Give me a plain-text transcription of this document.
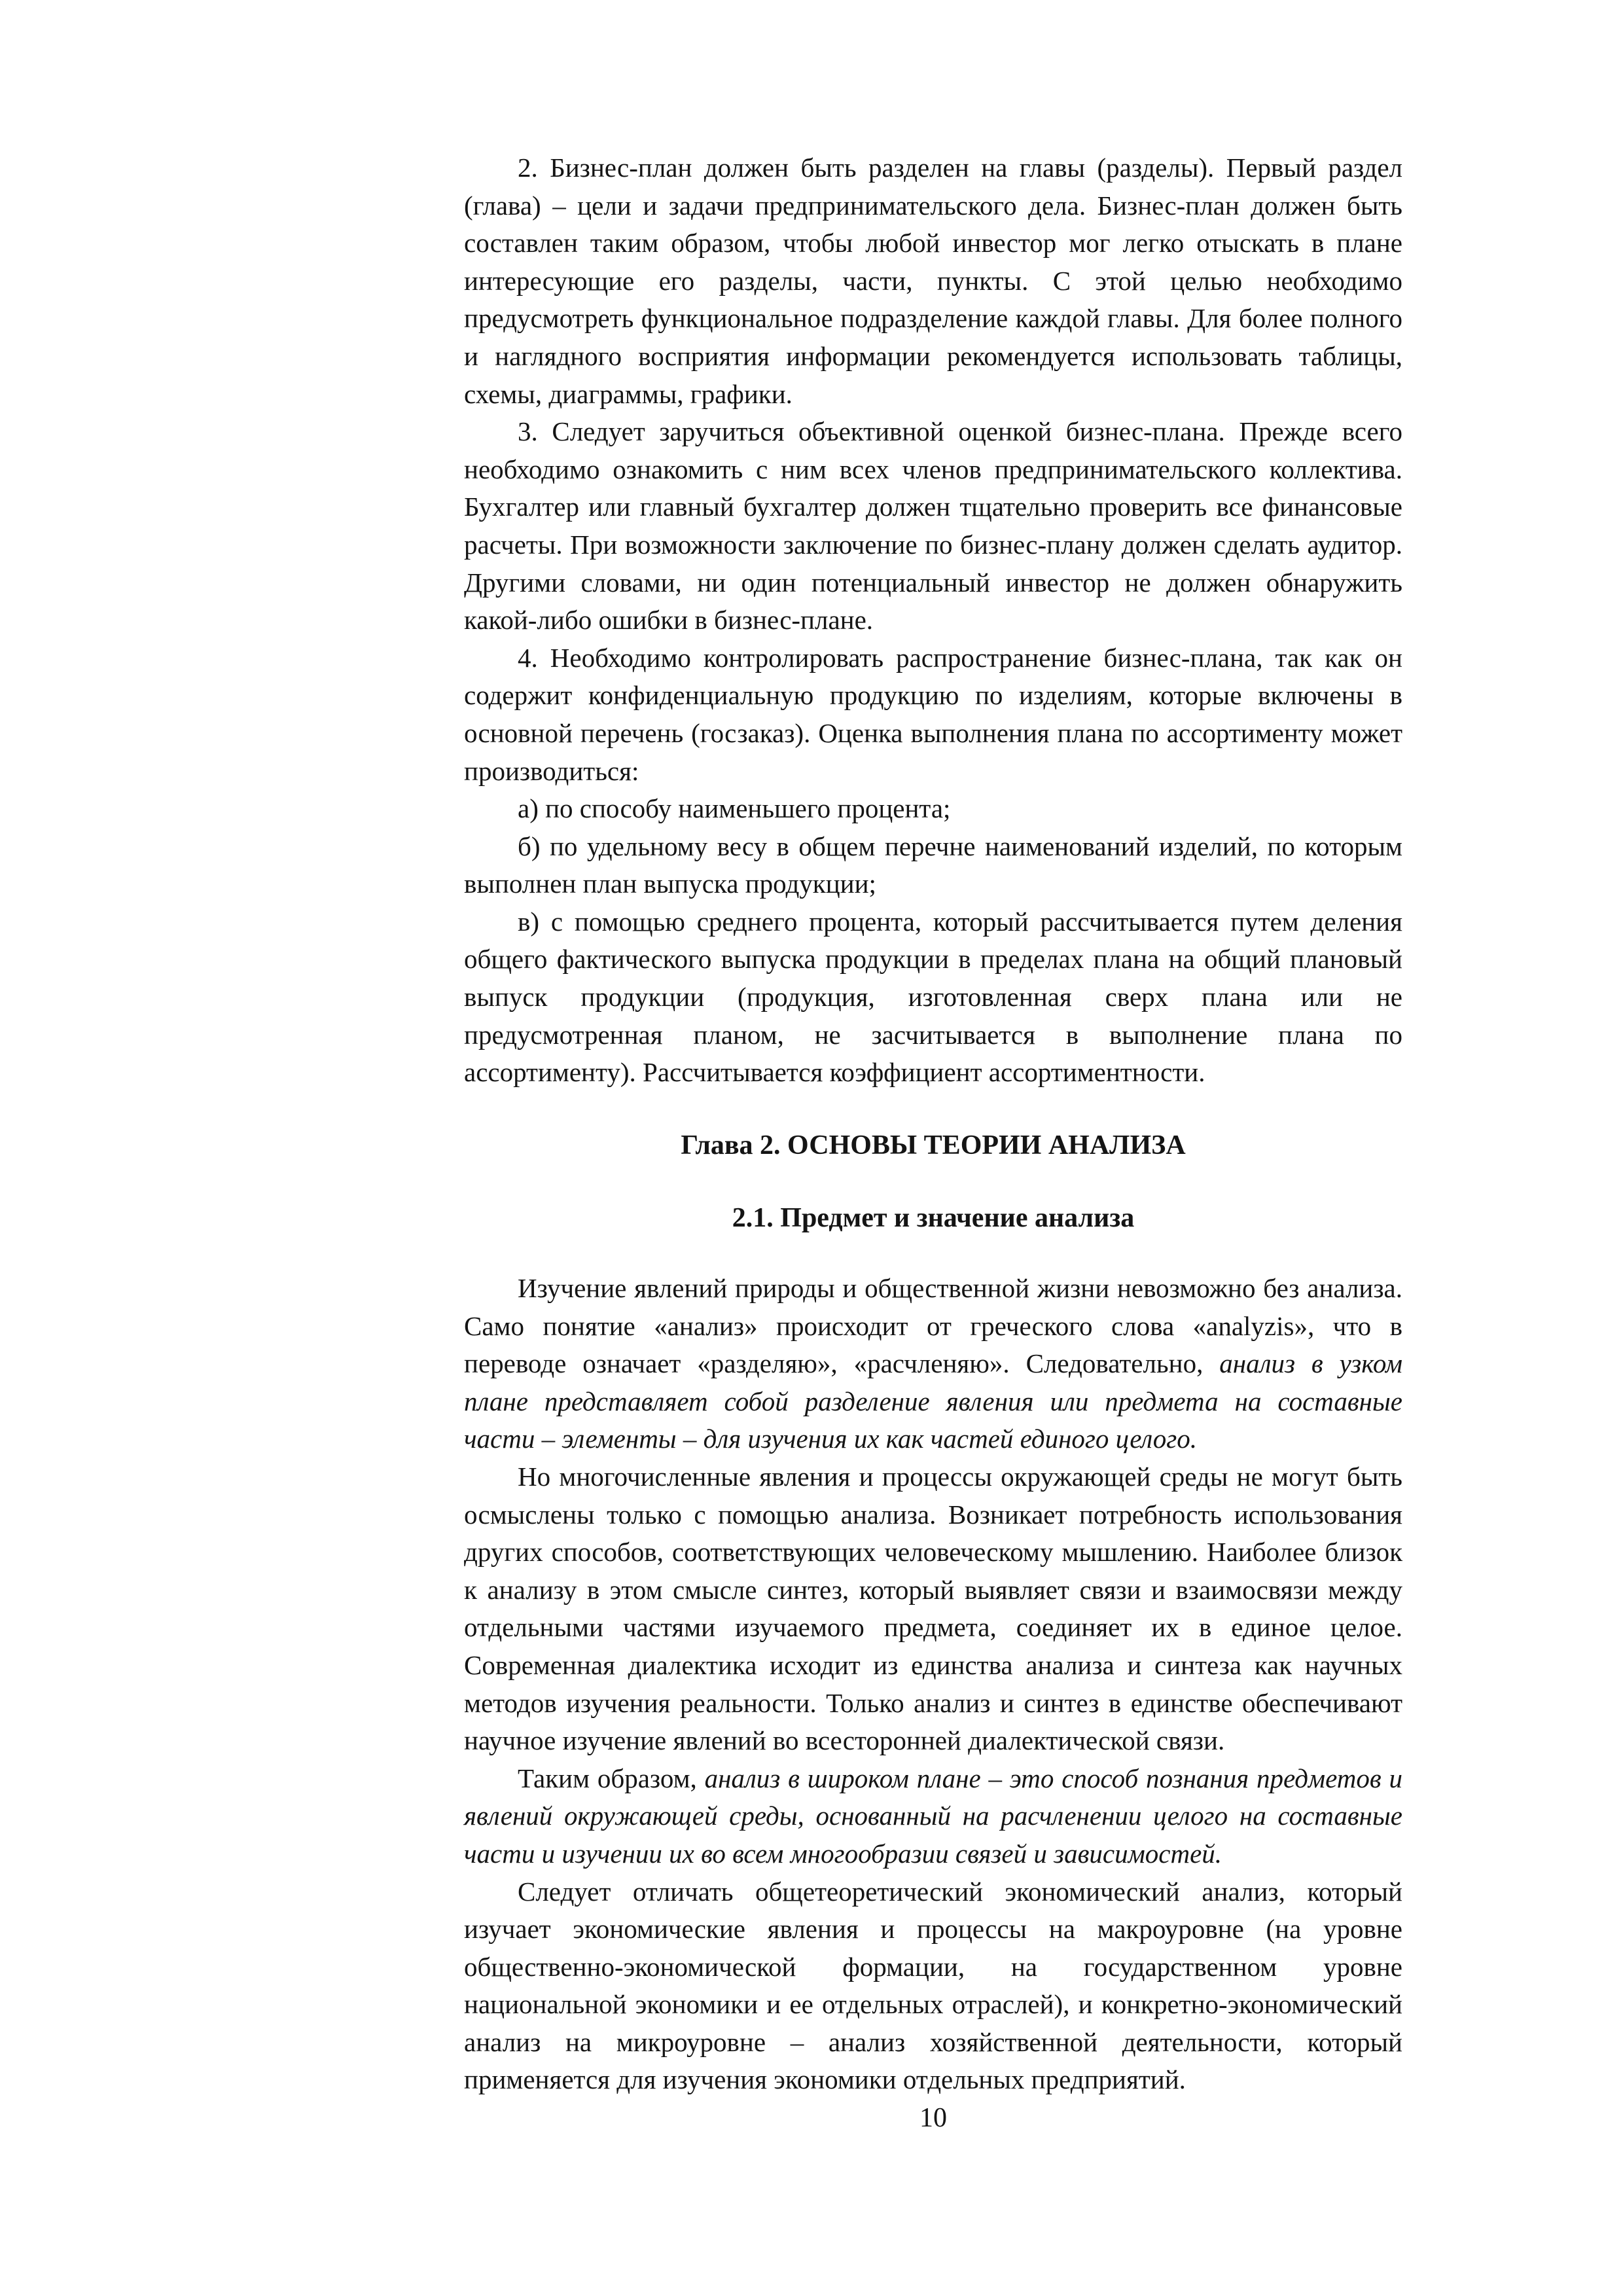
2. Бизнес-план должен быть разделен на главы (разделы). Первый раздел (глава) – цели и задачи предпринимательского дела. Бизнес-план должен быть составлен таким образом, чтобы любой инвестор мог легко отыскать в плане интересующие его разделы, части, пункты. С этой целью необходимо предусмотреть функциональное подразделение каждой главы. Для более полного и наглядного восприятия информации рекомендуется использовать таблицы, схемы, диаграммы, графики.

3. Следует заручиться объективной оценкой бизнес-плана. Прежде всего необходимо ознакомить с ним всех членов предпринимательского коллектива. Бухгалтер или главный бухгалтер должен тщательно проверить все финансовые расчеты. При возможности заключение по бизнес-плану должен сделать аудитор. Другими словами, ни один потенциальный инвестор не должен обнаружить какой-либо ошибки в бизнес-плане.

4. Необходимо контролировать распространение бизнес-плана, так как он содержит конфиденциальную продукцию по изделиям, которые включены в основной перечень (госзаказ). Оценка выполнения плана по ассортименту может производиться:

а) по способу наименьшего процента;

б) по удельному весу в общем перечне наименований изделий, по которым выполнен план выпуска продукции;

в) с помощью среднего процента, который рассчитывается путем деления общего фактического выпуска продукции в пределах плана на общий плановый выпуск продукции (продукция, изготовленная сверх плана или не предусмотренная планом, не засчитывается в выполнение плана по ассортименту). Рассчитывается коэффициент ассортиментности.

Глава 2. ОСНОВЫ ТЕОРИИ АНАЛИЗА
2.1. Предмет и значение анализа

Изучение явлений природы и общественной жизни невозможно без анализа. Само понятие «анализ» происходит от греческого слова «analyzis», что в переводе означает «разделяю», «расчленяю». Следовательно, анализ в узком плане представляет собой разделение явления или предмета на составные части – элементы – для изучения их как частей единого целого.

Но многочисленные явления и процессы окружающей среды не могут быть осмыслены только с помощью анализа. Возникает потребность использования других способов, соответствующих человеческому мышлению. Наиболее близок к анализу в этом смысле синтез, который выявляет связи и взаимосвязи между отдельными частями изучаемого предмета, соединяет их в единое целое. Современная диалектика исходит из единства анализа и синтеза как научных методов изучения реальности. Только анализ и синтез в единстве обеспечивают научное изучение явлений во всесторонней диалектической связи.

Таким образом, анализ в широком плане – это способ познания предметов и явлений окружающей среды, основанный на расчленении целого на составные части и изучении их во всем многообразии связей и зависимостей.

Следует отличать общетеоретический экономический анализ, который изучает экономические явления и процессы на макроуровне (на уровне общественно-экономической формации, на государственном уровне национальной экономики и ее отдельных отраслей), и конкретно-экономический анализ на микроуровне – анализ хозяйственной деятельности, который применяется для изучения экономики отдельных предприятий.

10
